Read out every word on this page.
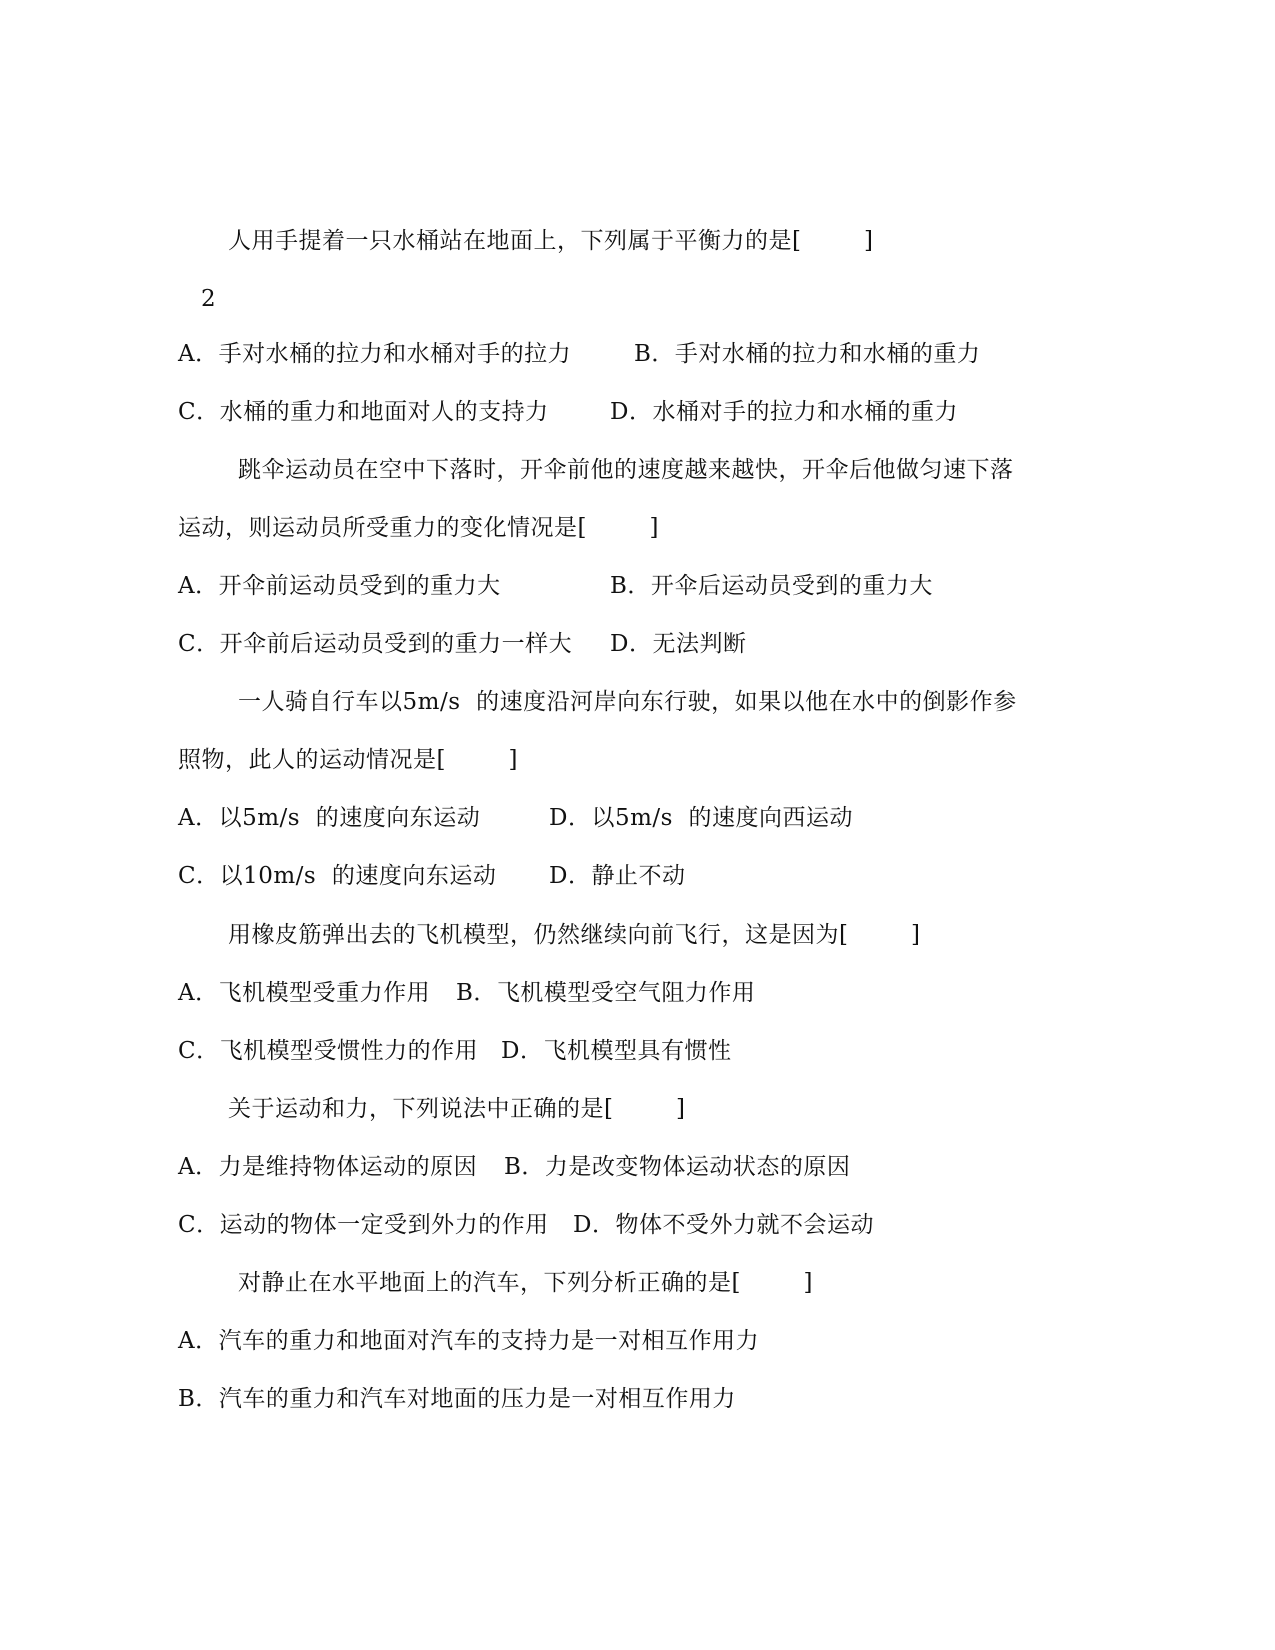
人用手提着一只水桶站在地面上，下列属于平衡力的是[        ]
2
A．手对水桶的拉力和水桶对手的拉力	B．手对水桶的拉力和水桶的重力
C．水桶的重力和地面对人的支持力	D．水桶对手的拉力和水桶的重力
跳伞运动员在空中下落时，开伞前他的速度越来越快，开伞后他做匀速下落
运动，则运动员所受重力的变化情况是[        ]
A．开伞前运动员受到的重力大	B．开伞后运动员受到的重力大
C．开伞前后运动员受到的重力一样大 D．无法判断
一人骑自行车以5m/s  的速度沿河岸向东行驶，如果以他在水中的倒影作参
照物，此人的运动情况是[        ]
A．以5m/s  的速度向东运动	D．以5m/s  的速度向西运动
C．以10m/s  的速度向东运动 D．静止不动
用橡皮筋弹出去的飞机模型，仍然继续向前飞行，这是因为[        ]
A．飞机模型受重力作用 B．飞机模型受空气阻力作用
C．飞机模型受惯性力的作用 D．飞机模型具有惯性
关于运动和力，下列说法中正确的是[        ]
A．力是维持物体运动的原因 B．力是改变物体运动状态的原因
C．运动的物体一定受到外力的作用 D．物体不受外力就不会运动
对静止在水平地面上的汽车，下列分析正确的是[        ]
A．汽车的重力和地面对汽车的支持力是一对相互作用力
B．汽车的重力和汽车对地面的压力是一对相互作用力
